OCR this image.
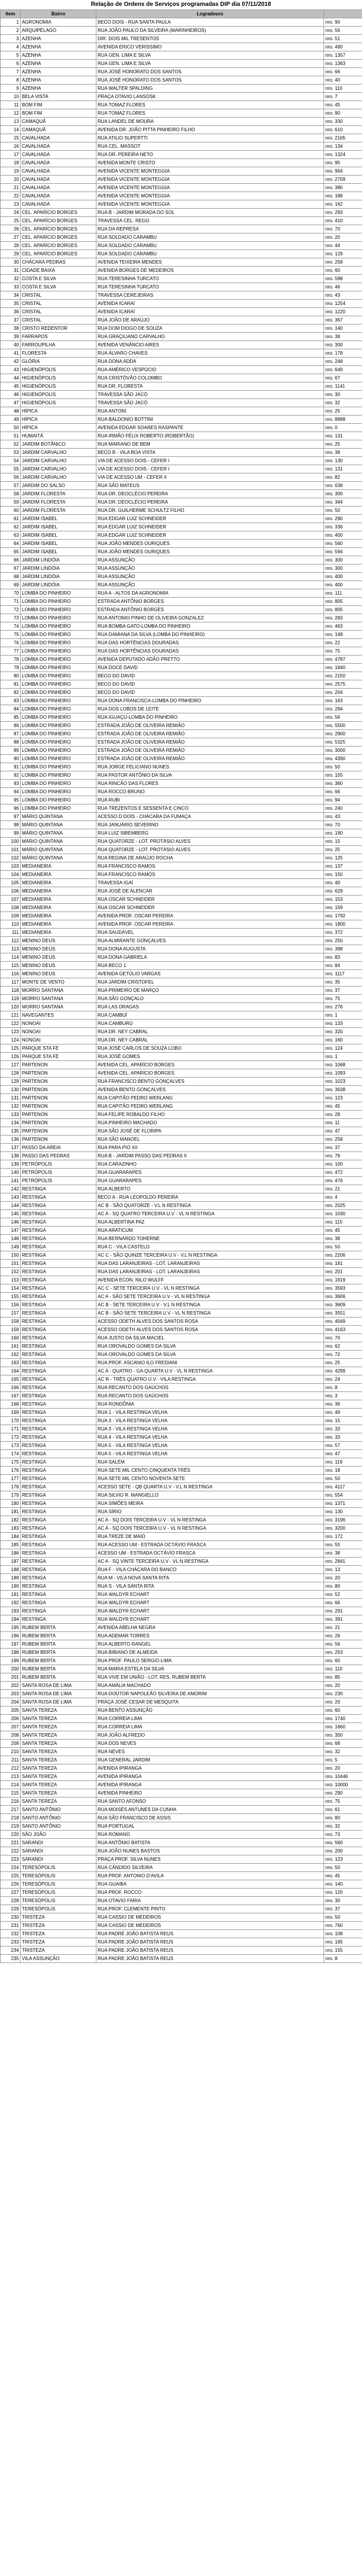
Relação de Ordens de Serviços programadas DIP dia 07/11/2018
Item	Bairro	Logradouro	
1	AGRONOMIA	BECO DOIS - RUA SANTA PAULA	nro. 90
2	ARQUIPÉLAGO	RUA JOÃO PAULO DA SILVEIRA (MARINHEIROS)	nro. 56
3	AZENHA	DIR. DOIS MIL TRESENTOS	nro. 51
4	AZENHA	AVENIDA ERICO VERISSIMO	nro. 490
5	AZENHA	RUA GEN. LIMA E SILVA	nro. 1357
6	AZENHA	RUA GEN. LIMA E SILVA	nro. 1363
7	AZENHA	RUA JOSÉ HONORATO DOS SANTOS	nro. 66
8	AZENHA	RUA JOSÉ HONORATO DOS SANTOS	nro. 40
9	AZENHA	RUA WALTER SPALDING	nro. 110
10	BELA VISTA	PRAÇA OTAVIO LANSOSK	nro. 7
11	BOM FIM	RUA TOMAZ FLORES	nro. 45
12	BOM FIM	RUA TOMAZ FLORES	nro. 90
13	CAMAQUÃ	RUA LANDEL DE MOURA	nro. 330
14	CAMAQUÃ	AVENIDA DR. JOÃO PITTA PINHEIRO FILHO	nro. 610
15	CAVALHADA	RUA ATILIO SUPERTTI	nro. 2165
16	CAVALHADA	RUA CEL. MASSOT	nro. 134
17	CAVALHADA	RUA DR. PEREIRA NETO	nro. 1324
18	CAVALHADA	AVENIDA MONTE CRISTO	nro. 95
19	CAVALHADA	AVENIDA VICENTE MONTEGGIA	nro. 964
20	CAVALHADA	AVENIDA VICENTE MONTEGGIA	nro. 2709
21	CAVALHADA	AVENIDA VICENTE MONTEGGIA	nro. 380
22	CAVALHADA	AVENIDA VICENTE MONTEGGIA	nro. 188
23	CAVALHADA	AVENIDA VICENTE MONTEGGIA	nro. 162
24	CEL. APARÍCIO BORGES	RUA B - JARDIM MORADA DO SOL	nro. 293
25	CEL. APARÍCIO BORGES	TRAVESSA CEL. REGO	nro. 410
26	CEL. APARÍCIO BORGES	RUA DA REPRESA	nro. 70
27	CEL. APARÍCIO BORGES	RUA SOLDADO CARAMBU	nro. 20
28	CEL. APARÍCIO BORGES	RUA SOLDADO CARAMBU	nro. 44
29	CEL. APARÍCIO BORGES	RUA SOLDADO CARAMBU	nro. 129
30	CHÁCARA PEDRAS	AVENIDA TEIXEIRA MENDES	nro. 258
31	CIDADE BAIXA	AVENIDA BORGES DE MEDEIROS	nro. 60
32	COSTA E SILVA	RUA TERESINHA TURCATO	nro. 598
33	COSTA E SILVA	RUA TERESINHA TURCATO	nro. 46
34	CRISTAL	TRAVESSA CEREJEIRAS	nro. 43
35	CRISTAL	AVENIDA ICARAÍ	nro. 1254
36	CRISTAL	AVENIDA ICARAÍ	nro. 1220
37	CRISTAL	RUA JOÃO DE ARAÚJO	nro. 367
38	CRISTO REDENTOR	RUA DOM DIOGO DE SOUZA	nro. 140
39	FARRAPOS	RUA GRAÇILIANO CARVALHO	nro. 38
40	FARROUPILHA	AVENIDA VENÂNCIO AIRES	nro. 300
41	FLORESTA	RUA ÁLVARO CHAVES	nro. 178
42	GLÓRIA	RUA DONA ADDA	nro. 248
43	HIGIENÓPOLIS	RUA AMÉRICO VESPÚCIO	nro. 649
44	HIGIENÓPOLIS	RUA CRISTÓVÃO COLOMBO	nro. 67
45	HIGIENÓPOLIS	RUA DR. FLORESTA	nro. 1141
46	HIGIENÓPOLIS	TRAVESSA SÃO JACÓ	nro. 30
47	HIGIENÓPOLIS	TRAVESSA SÃO JACÓ	nro. 32
48	HÍPICA	RUA ANTONI	nro. 25
49	HÍPICA	RUA BALDONIO BOTTINI	nro. 8888
50	HÍPICA	AVENIDA EDGAR SOARES RASPANTE	nro. 0
51	HUMAITÁ	RUA IRMÃO FÉLIX ROBERTO (ROBERTÃO)	nro. 131
52	JARDIM BOTÂNICO	RUA MARIANO DE BEM	nro. 25
53	JARDIM CARVALHO	BECO B - VILA BOA VISTA	nro. 38
54	JARDIM CARVALHO	VIA DE ACESSO DOIS - CEFER I	nro. 130
55	JARDIM CARVALHO	VIA DE ACESSO DOIS - CEFER I	nro. 131
56	JARDIM CARVALHO	VIA DE ACESSO UM - CEFER II	nro. 82
57	JARDIM DO SALSO	RUA SÃO MATEUS	nro. 638
58	JARDIM FLORESTA	RUA DR. DEOCLÉCIO PEREIRA	nro. 300
59	JARDIM FLORESTA	RUA DR. DEOCLÉCIO PEREIRA	nro. 344
60	JARDIM FLORESTA	RUA DR. GUILHERME SCHULTZ FILHO	nro. 50
61	JARDIM ISABEL	RUA EDGAR LUIZ SCHNEIDER	nro. 290
62	JARDIM ISABEL	RUA EDGAR LUIZ SCHNEIDER	nro. 336
63	JARDIM ISABEL	RUA EDGAR LUIZ SCHNEIDER	nro. 400
64	JARDIM ISABEL	RUA JOÃO MENDES OURIQUES	nro. 560
65	JARDIM ISABEL	RUA JOÃO MENDES OURIQUES	nro. 594
66	JARDIM LINDÓIA	RUA ASSUNÇÃO	nro. 300
67	JARDIM LINDÓIA	RUA ASSUNÇÃO	nro. 300
68	JARDIM LINDÓIA	RUA ASSUNÇÃO	nro. 400
69	JARDIM LINDÓIA	RUA ASSUNÇÃO	nro. 400
70	LOMBA DO PINHEIRO	RUA A - ALTOS DA AGRONOMIA	nro. 111
71	LOMBA DO PINHEIRO	ESTRADA ANTÔNIO BORGES	nro. 805
72	LOMBA DO PINHEIRO	ESTRADA ANTÔNIO BORGES	nro. 805
73	LOMBA DO PINHEIRO	RUA ANTONIO PINHO DE OLIVEIRA GONZALEZ	nro. 283
74	LOMBA DO PINHEIRO	RUA BOMBA GATO-LOMBA DO PINHEIRO	nro. 463
75	LOMBA DO PINHEIRO	RUA DAMIANA DA SILVA (LOMBA DO PINHEIRO)	nro. 148
76	LOMBA DO PINHEIRO	RUA DAS HORTÊNCIAS DOURADAS	nro. 22
77	LOMBA DO PINHEIRO	RUA DAS HORTÊNCIAS DOURADAS	nro. 75
78	LOMBA DO PINHEIRO	AVENIDA DEPUTADO ADÃO PRETTO	nro. 4787
79	LOMBA DO PINHEIRO	RUA DOCE DAVID	nro. 1940
80	LOMBA DO PINHEIRO	BECO DO DAVID	nro. 2150
81	LOMBA DO PINHEIRO	BECO DO DAVID	nro. 2575
82	LOMBA DO PINHEIRO	BECO DO DAVID	nro. 204
83	LOMBA DO PINHEIRO	RUA DONA FRANCISCA-LOMBA DO PINHEIRO	nro. 163
84	LOMBA DO PINHEIRO	RUA DOS LOBOS DE LEITE	nro. 294
85	LOMBA DO PINHEIRO	RUA IGUAÇU-LOMBA DO PINHEIRO	nro. 56
86	LOMBA DO PINHEIRO	ESTRADA JOÃO DE OLIVEIRA REMIÃO	nro. 5500
87	LOMBA DO PINHEIRO	ESTRADA JOÃO DE OLIVEIRA REMIÃO	nro. 2900
88	LOMBA DO PINHEIRO	ESTRADA JOÃO DE OLIVEIRA REMIÃO	nro. 5325
89	LOMBA DO PINHEIRO	ESTRADA JOÃO DE OLIVEIRA REMIÃO	nro. 3000
90	LOMBA DO PINHEIRO	ESTRADA JOÃO DE OLIVEIRA REMIÃO	nro. 4390
91	LOMBA DO PINHEIRO	RUA JORGE FELICIANO NUNES	nro. 50
92	LOMBA DO PINHEIRO	RUA PASTOR ANTÔNIO DA SILVA	nro. 155
93	LOMBA DO PINHEIRO	RUA RINCÃO DAS FLORES	nro. 360
94	LOMBA DO PINHEIRO	RUA ROCCO BRUNO	nro. 66
95	LOMBA DO PINHEIRO	RUA RUBI	nro. 94
96	LOMBA DO PINHEIRO	RUA TREZENTOS E SESSENTA E CINCO	nro. 240
97	MÁRIO QUINTANA	ACESSO D DOIS - CHÁCARA DA FUMAÇA	nro. 43
98	MÁRIO QUINTANA	RUA JANUÁRIO SEVERINO	nro. 70
99	MÁRIO QUINTANA	RUA LUIZ SIBEMBERG	nro. 190
100	MÁRIO QUINTANA	RUA QUATORZE - LOT. PROTÁSIO ALVES	nro. 15
101	MÁRIO QUINTANA	RUA QUATORZE - LOT. PROTÁSIO ALVES	nro. 25
102	MÁRIO QUINTANA	RUA REGINA DE ARAÚJO ROCHA	nro. 125
103	MEDIANEIRA	RUA FRANCISCO RAMOS	nro. 137
104	MEDIANEIRA	RUA FRANCISCO RAMOS	nro. 150
105	MEDIANEIRA	TRAVESSA IGAÍ	nro. 40
106	MEDIANEIRA	RUA JOSÉ DE ALENCAR	nro. 629
107	MEDIANEIRA	RUA OSCAR SCHNEIDER	nro. 153
108	MEDIANEIRA	RUA OSCAR SCHNEIDER	nro. 159
109	MEDIANEIRA	AVENIDA PROF. OSCAR PEREIRA	nro. 1792
110	MEDIANEIRA	AVENIDA PROF. OSCAR PEREIRA	nro. 1800
111	MEDIANEIRA	RUA SAUDÁVEL	nro. 372
112	MENINO DEUS	RUA ALMIRANTE GONÇALVES	nro. 250
113	MENINO DEUS	RUA DONA AUGUSTA	nro. 398
114	MENINO DEUS	RUA DONA GABRIELA	nro. 83
115	MENINO DEUS	RUA BECO 1	nro. 84
116	MENINO DEUS	AVENIDA GETÚLIO VARGAS	nro. 1117
117	MONTE DE VENTO	RUA JARDIM CRISTOFEL	nro. 35
118	MORRO SANTANA	RUA PRIMEIRO DE MARÇO	nro. 37
119	MORRO SANTANA	RUA SÃO GONÇALO	nro. 75
120	MORRO SANTANA	RUA LAS DRAGAS	nro. 276
121	NAVEGANTES	RUA CAMBUÍ	nro. 1
122	NONOAI	RUA CAMBURÚ	nro. 133
123	NONOAI	RUA DR. NEY CABRAL	nro. 320
124	NONOAI	RUA DR. NEY CABRAL	nro. 160
125	PARQUE STA FÉ	RUA JOSÉ CARLOS DE SOUZA LOBO	nro. 124
126	PARQUE STA FÉ	RUA JOSÉ GOMES	nro. 1
127	PARTENON	AVENIDA CEL. APARÍCIO BORGES	nro. 1068
128	PARTENON	AVENIDA CEL. APARÍCIO BORGES	nro. 1093
129	PARTENON	RUA FRANCISCO BENTO GONÇALVES	nro. 1023
130	PARTENON	AVENIDA BENTO GONÇALVES	nro. 3638
131	PARTENON	RUA CAPITÃO PEDRO WERLANG	nro. 123
132	PARTENON	RUA CAPITÃO PEDRO WERLANG	nro. 45
133	PARTENON	RUA FELIPE ROBALDO FILHO	nro. 28
134	PARTENON	RUA PINHEIRO MACHADO	nro. 11
135	PARTENON	RUA SÃO JOSÉ DE FLORIPA	nro. 47
136	PARTENON	RUA SÃO MANOEL	nro. 258
137	PASSO DA AREIA	RUA PARA PIO XII	nro. 37
138	PASSO DAS PEDRAS	RUA B - JARDIM PASSO DAS PEDRAS II	nro. 79
139	PETRÓPOLIS	RUA CARAZINHO	nro. 100
140	PETRÓPOLIS	RUA GUARARAPES	nro. 472
141	PETRÓPOLIS	RUA GUARARAPES	nro. 476
142	RESTINGA	RUA ALBERTO	nro. 21
143	RESTINGA	BECO A - RUA LEOPOLDO PEREIRA	nro. 4
144	RESTINGA	AC B - SÃO QUATORZE - V.L N RESTINGA	nro. 2025
145	RESTINGA	AC A - SQ QUATRO TERCEIRA U.V - VL N RESTINGA	nro. 1030
146	RESTINGA	RUA ALBERTINA PAZ	nro. 115
147	RESTINGA	RUA ARATICUM	nro. 45
148	RESTINGA	RUA BERNARDO TOHERNE	nro. 38
149	RESTINGA	RUA C - VILA CASTELO	nro. 50
150	RESTINGA	AC C - SÃO QUINZE TERCEIRA U.V - V.L N RESTINGA	nro. 2206
151	RESTINGA	RUA DAS LARANJEIRAS - LOT. LARANJEIRAS	nro. 181
152	RESTINGA	RUA DAS LARANJEIRAS - LOT. LARANJEIRAS	nro. 201
153	RESTINGA	AVENIDA ECON. NILO WULFF	nro. 1919
154	RESTINGA	AC C - SETE TERCEIRA U.V - VL N RESTINGA	nro. 3593
155	RESTINGA	AC A - SÃO SETE TERCEIRA U.V - VL N RESTINGA	nro. 3606
156	RESTINGA	AC B - SETE TERCEIRA U.V - V.L N RESTINGA	nro. 3609
157	RESTINGA	AC B - SÃO SETE TERCEIRA U.V - VL N RESTINGA	nro. 3551
158	RESTINGA	ACESSO ODETH ALVES DOS SANTOS ROSA	nro. 4049
159	RESTINGA	ACESSO ODETH ALVES DOS SANTOS ROSA	nro. 4163
160	RESTINGA	RUA JUSTO DA SILVA MACIEL	nro. 70
161	RESTINGA	RUA OROVALDO GOMES DA SILVA	nro. 62
162	RESTINGA	RUA OROVALDO GOMES DA SILVA	nro. 72
163	RESTINGA	RUA PROF. ASCANIO ILO FREDIANI	nro. 25
164	RESTINGA	AC A - QUATRO - GA QUARTA U.V - VL N RESTINGA	nro. 4299
165	RESTINGA	AC R - TRÊS QUATRO U.V - VILA RESTINGA	nro. 24
166	RESTINGA	RUA RECANTO DOS GAÚCHOS	nro. 8
167	RESTINGA	RUA RECANTO DOS GAÚCHOS	nro. 3
168	RESTINGA	RUA RONDÔNIA	nro. 36
169	RESTINGA	RUA 1 - VILA RESTINGA VELHA	nro. 49
170	RESTINGA	RUA 3 - VILA RESTINGA VELHA	nro. 15
171	RESTINGA	RUA 3 - VILA RESTINGA VELHA	nro. 33
172	RESTINGA	RUA 4 - VILA RESTINGA VELHA	nro. 33
173	RESTINGA	RUA 5 - VILA RESTINGA VELHA	nro. 57
174	RESTINGA	RUA 5 - VILA RESTINGA VELHA	nro. 47
175	RESTINGA	RUA SALÉM	nro. 119
176	RESTINGA	RUA SETE MIL CENTO CINQUENTA TRÊS	nro. 18
177	RESTINGA	RUA SETE MIL CENTO NOVENTA SETE	nro. 50
178	RESTINGA	ACESSO SETE - QB QUARTA U.V - V.L N RESTINGA	nro. 4117
179	RESTINGA	RUA SILVIO R. MANGIELLO	nro. 554
180	RESTINGA	RUA SIMÕES MEIRA	nro. 1371
181	RESTINGA	RUA SÍRIO	nro. 130
182	RESTINGA	AC A - SQ DOIS TERCEIRA U.V - VL N RESTINGA	nro. 3196
183	RESTINGA	AC A - SQ DOIS TERCEIRA U.V - VL N RESTINGA	nro. 3200
184	RESTINGA	RUA TREZE DE MAIO	nro. 172
185	RESTINGA	RUA ACESSO UM - ESTRADA OCTÁVIO FRASCA	nro. 55
186	RESTINGA	ACESSO UM - ESTRADA OCTÁVIO FRASCA	nro. 38
187	RESTINGA	AC A - SQ VINTE TERCEIRA U.V - VL N RESTINGA	nro. 2841
188	RESTINGA	RUA F - VILA CHÁCARA DO BANCO	nro. 13
189	RESTINGA	RUA M - VILA NOVA SANTA RITA	nro. 20
190	RESTINGA	RUA S - VILA SANTA RITA	nro. 80
191	RESTINGA	RUA WALDYR ECHART	nro. 52
192	RESTINGA	RUA WALDYR ECHART	nro. 66
193	RESTINGA	RUA WALDYR ECHART	nro. 291
194	RESTINGA	RUA WALDYR ECHART	nro. 391
195	RUBEM BERTA	AVENIDA ABELHA NEGRA	nro. 21
196	RUBEM BERTA	RUA ADEMAR TORRES	nro. 26
197	RUBEM BERTA	RUA ALBERTO RANGEL	nro. 56
198	RUBEM BERTA	RUA BIBIANO DE ALMEIDA	nro. 253
199	RUBEM BERTA	RUA PROF. PAULO SERGIO LIMA	nro. 60
200	RUBEM BERTA	RUA MARIA ESTELA DA SILVA	nro. 110
201	RUBEM BERTA	RUA VIVE EM UNIÃO - LOT. RES. RUBEM BERTA	nro. 85
202	SANTA ROSA DE LIMA	RUA AMÁLIA MACHADO	nro. 20
203	SANTA ROSA DE LIMA	RUA DOUTOR NAPOLEÃO SILVEIRA DE AMORIM	nro. 230
204	SANTA ROSA DE LIMA	PRAÇA JOSÉ CESAR DE MESQUITA	nro. 20
205	SANTA TEREZA	RUA BENTO ASSUNÇÃO	nro. 60
206	SANTA TEREZA	RUA CORREIA LIMA	nro. 1740
207	SANTA TEREZA	RUA CORREIA LIMA	nro. 1660
208	SANTA TEREZA	RUA JOÃO ALFREDO	nro. 350
209	SANTA TEREZA	RUA DOS NEVES	nro. 68
210	SANTA TEREZA	RUA NEVES	nro. 32
211	SANTA TEREZA	RUA GENERAL JARDIM	nro. 5
212	SANTA TEREZA	AVENIDA IPIRANGA	nro. 20
213	SANTA TEREZA	AVENIDA IPIRANGA	nro. 10446
214	SANTA TEREZA	AVENIDA IPIRANGA	nro. 10000
215	SANTA TEREZA	AVENIDA PINHEIRO	nro. 290
216	SANTA TEREZA	RUA SANTO AFONSO	nro. 75
217	SANTO ANTÔNIO	RUA MOISÉS ANTUNES DA CUNHA	nro. 61
218	SANTO ANTÔNIO	RUA SÃO FRANCISCO DE ASSIS	nro. 80
219	SANTO ANTÔNIO	RUA PORTUGAL	nro. 32
220	SÃO JOÃO	RUA ROMANO	nro. 73
221	SARANDI	RUA ANTÔNIO BATISTA	nro. 560
222	SARANDI	RUA JOÃO NUNES BASTOS	nro. 200
223	SARANDI	PRAÇA PROF. SILVA NUNES	nro. 123
224	TERESÓPOLIS	RUA CÂNDIDO SILVEIRA	nro. 50
225	TERESÓPOLIS	RUA PROF. ANTONIO D'AVILA	nro. 45
226	TERESÓPOLIS	RUA GUAIBA	nro. 140
227	TERESÓPOLIS	RUA PROF. ROCCO	nro. 120
228	TERESÓPOLIS	RUA OTAVIO FARIA	nro. 30
229	TERESÓPOLIS	RUA PROF. CLEMENTE PINTO	nro. 37
230	TRISTEZA	RUA CASSIO DE MEDEIROS	nro. 50
231	TRISTEZA	RUA CASSIO DE MEDEIROS	nro. 760
232	TRISTEZA	RUA PADRE JOÃO BATISTA REUS	nro. 108
233	TRISTEZA	RUA PADRE JOÃO BATISTA REUS	nro. 165
234	TRISTEZA	RUA PADRE JOÃO BATISTA REUS	nro. 155
235	VILA ASSUNÇÃO	RUA PADRE JOÃO BATISTA REUS	nro. 8
